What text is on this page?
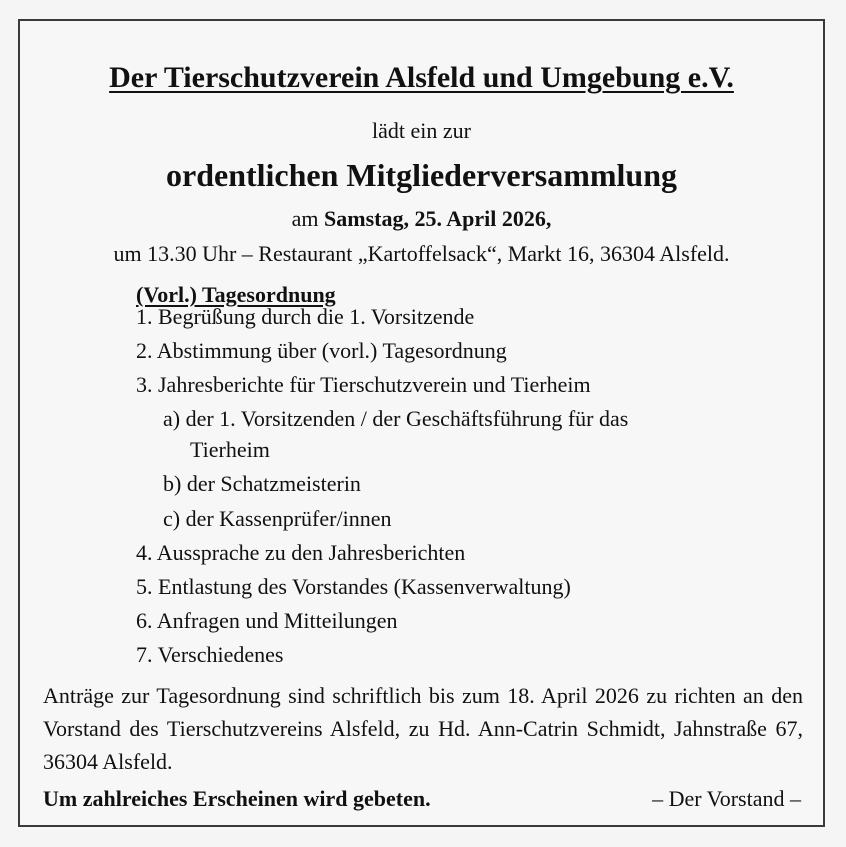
Der Tierschutzverein Alsfeld und Umgebung e.V.
lädt ein zur
ordentlichen Mitgliederversammlung
am Samstag, 25. April 2026,
um 13.30 Uhr – Restaurant „Kartoffelsack“, Markt 16, 36304 Alsfeld.
(Vorl.) Tagesordnung
1. Begrüßung durch die 1. Vorsitzende
2. Abstimmung über (vorl.) Tagesordnung
3. Jahresberichte für Tierschutzverein und Tierheim
a) der 1. Vorsitzenden / der Geschäftsführung für das
Tierheim
b) der Schatzmeisterin
c) der Kassenprüfer/innen
4. Aussprache zu den Jahresberichten
5. Entlastung des Vorstandes (Kassenverwaltung)
6. Anfragen und Mitteilungen
7. Verschiedenes
Anträge zur Tagesordnung sind schriftlich bis zum 18. April 2026 zu richten an den Vorstand des Tierschutzvereins Alsfeld, zu Hd. Ann-Catrin Schmidt, Jahnstraße 67, 36304 Alsfeld.
Um zahlreiches Erscheinen wird gebeten.	– Der Vorstand –
